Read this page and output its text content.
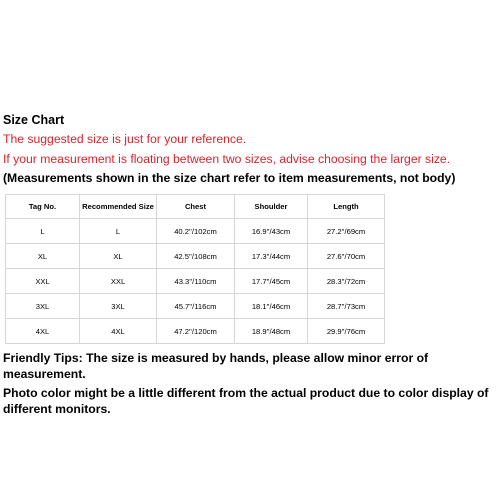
Size Chart

The suggested size is just for your reference.

If your measurement is floating between two sizes, advise choosing the larger size.

(Measurements shown in the size chart refer to item measurements, not body)

Tag No.	Recommended Size	Chest	Shoulder	Length
L	L	40.2''/102cm	16.9''/43cm	27.2''/69cm
XL	XL	42.5''/108cm	17.3''/44cm	27.6''/70cm
XXL	XXL	43.3''/110cm	17.7''/45cm	28.3''/72cm
3XL	3XL	45.7''/116cm	18.1''/46cm	28.7''/73cm
4XL	4XL	47.2''/120cm	18.9''/48cm	29.9''/76cm

Friendly Tips: The size is measured by hands, please allow minor error of measurement.

Photo color might be a little different from the actual product due to color display of different monitors.
